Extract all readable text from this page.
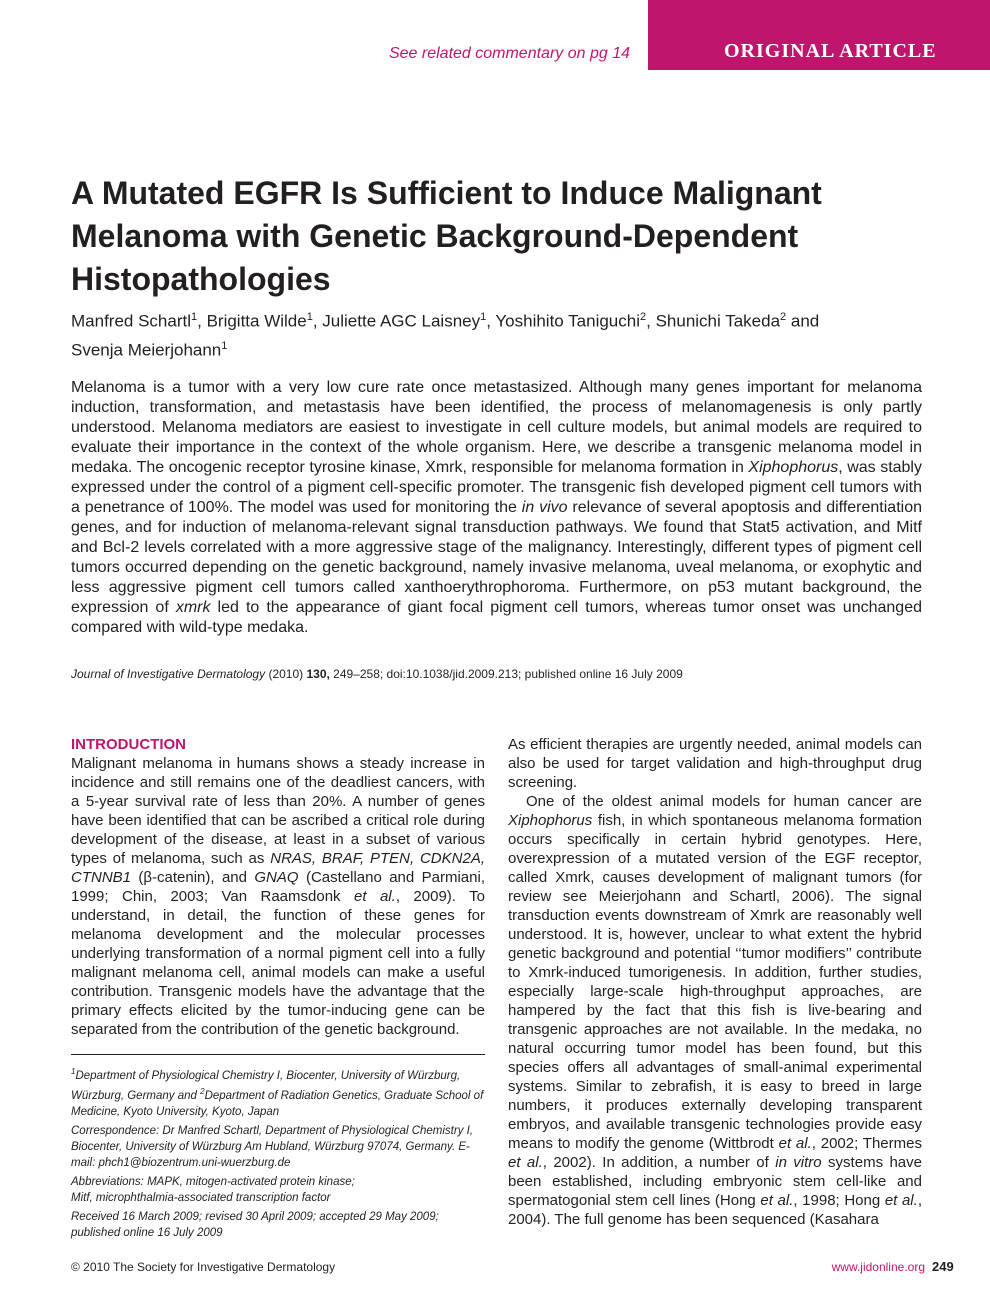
See related commentary on pg 14	ORIGINAL ARTICLE
A Mutated EGFR Is Sufficient to Induce Malignant Melanoma with Genetic Background-Dependent Histopathologies

Manfred Schartl$^1$, Brigitta Wilde$^1$, Juliette AGC Laisney$^1$, Yoshihito Taniguchi$^2$, Shunichi Takeda$^2$ and
Svenja Meierjohann$^1$

Melanoma is a tumor with a very low cure rate once metastasized. Although many genes important for melanoma induction, transformation, and metastasis have been identified, the process of melanomagenesis is only partly understood. Melanoma mediators are easiest to investigate in cell culture models, but animal models are required to evaluate their importance in the context of the whole organism. Here, we describe a transgenic melanoma model in medaka. The oncogenic receptor tyrosine kinase, Xmrk, responsible for melanoma formation in Xiphophorus, was stably expressed under the control of a pigment cell-specific promoter. The transgenic fish developed pigment cell tumors with a penetrance of 100%. The model was used for monitoring the in vivo relevance of several apoptosis and differentiation genes, and for induction of melanoma-relevant signal transduction pathways. We found that Stat5 activation, and Mitf and Bcl-2 levels correlated with a more aggressive stage of the malignancy. Interestingly, different types of pigment cell tumors occurred depending on the genetic background, namely invasive melanoma, uveal melanoma, or exophytic and less aggressive pigment cell tumors called xanthoerythrophoroma. Furthermore, on p53 mutant background, the expression of xmrk led to the appearance of giant focal pigment cell tumors, whereas tumor onset was unchanged compared with wild-type medaka.

Journal of Investigative Dermatology (2010) 130, 249–258; doi:10.1038/jid.2009.213; published online 16 July 2009

INTRODUCTION

Malignant melanoma in humans shows a steady increase in incidence and still remains one of the deadliest cancers, with a 5-year survival rate of less than 20%. A number of genes have been identified that can be ascribed a critical role during development of the disease, at least in a subset of various types of melanoma, such as NRAS, BRAF, PTEN, CDKN2A, CTNNB1 (β-catenin), and GNAQ (Castellano and Parmiani, 1999; Chin, 2003; Van Raamsdonk et al., 2009). To understand, in detail, the function of these genes for melanoma development and the molecular processes underlying transformation of a normal pigment cell into a fully malignant melanoma cell, animal models can make a useful contribution. Transgenic models have the advantage that the primary effects elicited by the tumor-inducing gene can be separated from the contribution of the genetic background.

$^1$Department of Physiological Chemistry I, Biocenter, University of Würzburg, Würzburg, Germany and $^2$Department of Radiation Genetics, Graduate School of Medicine, Kyoto University, Kyoto, Japan

Correspondence: Dr Manfred Schartl, Department of Physiological Chemistry I, Biocenter, University of Würzburg Am Hubland, Würzburg 97074, Germany. E-mail: phch1@biozentrum.uni-wuerzburg.de

Abbreviations: MAPK, mitogen-activated protein kinase;
Mitf, microphthalmia-associated transcription factor

Received 16 March 2009; revised 30 April 2009; accepted 29 May 2009; published online 16 July 2009

As efficient therapies are urgently needed, animal models can also be used for target validation and high-throughput drug screening.

One of the oldest animal models for human cancer are Xiphophorus fish, in which spontaneous melanoma formation occurs specifically in certain hybrid genotypes. Here, overexpression of a mutated version of the EGF receptor, called Xmrk, causes development of malignant tumors (for review see Meierjohann and Schartl, 2006). The signal transduction events downstream of Xmrk are reasonably well understood. It is, however, unclear to what extent the hybrid genetic background and potential ‘‘tumor modifiers’’ contribute to Xmrk-induced tumorigenesis. In addition, further studies, especially large-scale high-throughput approaches, are hampered by the fact that this fish is live-bearing and transgenic approaches are not available. In the medaka, no natural occurring tumor model has been found, but this species offers all advantages of small-animal experimental systems. Similar to zebrafish, it is easy to breed in large numbers, it produces externally developing transparent embryos, and available transgenic technologies provide easy means to modify the genome (Wittbrodt et al., 2002; Thermes et al., 2002). In addition, a number of in vitro systems have been established, including embryonic stem cell-like and spermatogonial stem cell lines (Hong et al., 1998; Hong et al., 2004). The full genome has been sequenced (Kasahara

© 2010 The Society for Investigative Dermatology	www.jidonline.org 249
